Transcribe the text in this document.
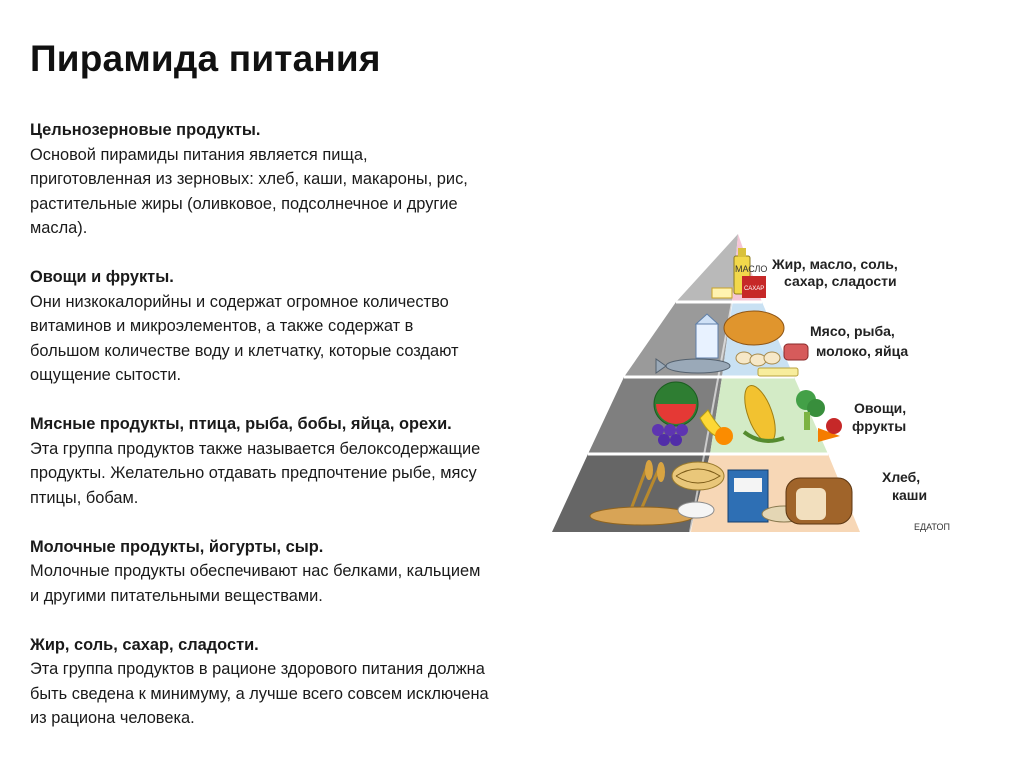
Пирамида питания
Цельнозерновые продукты.

Основой пирамиды питания является пища,

приготовленная из зерновых: хлеб, каши, макароны, рис,

растительные жиры (оливковое, подсолнечное и другие

масла).

Овощи и фрукты.

Они низкокалорийны и содержат огромное количество

витаминов и микроэлементов, а также содержат в

большом количестве воду и клетчатку, которые создают

ощущение сытости.

Мясные продукты, птица, рыба, бобы, яйца, орехи.

Эта группа продуктов также называется белоксодержащие

продукты. Желательно отдавать предпочтение рыбе, мясу

птицы, бобам.

Молочные продукты, йогурты, сыр.

Молочные продукты обеспечивают нас белками, кальцием

и другими питательными веществами.

Жир, соль, сахар, сладости.

Эта группа продуктов в рационе здорового питания должна

быть сведена к минимуму, а лучше всего совсем исключена

из рациона человека.

МАСЛО
САХАР
Жир, масло, соль,
сахар, сладости
Мясо, рыба,
молоко, яйца
Овощи,
фрукты
Хлеб,
каши
ЕДАТОП
